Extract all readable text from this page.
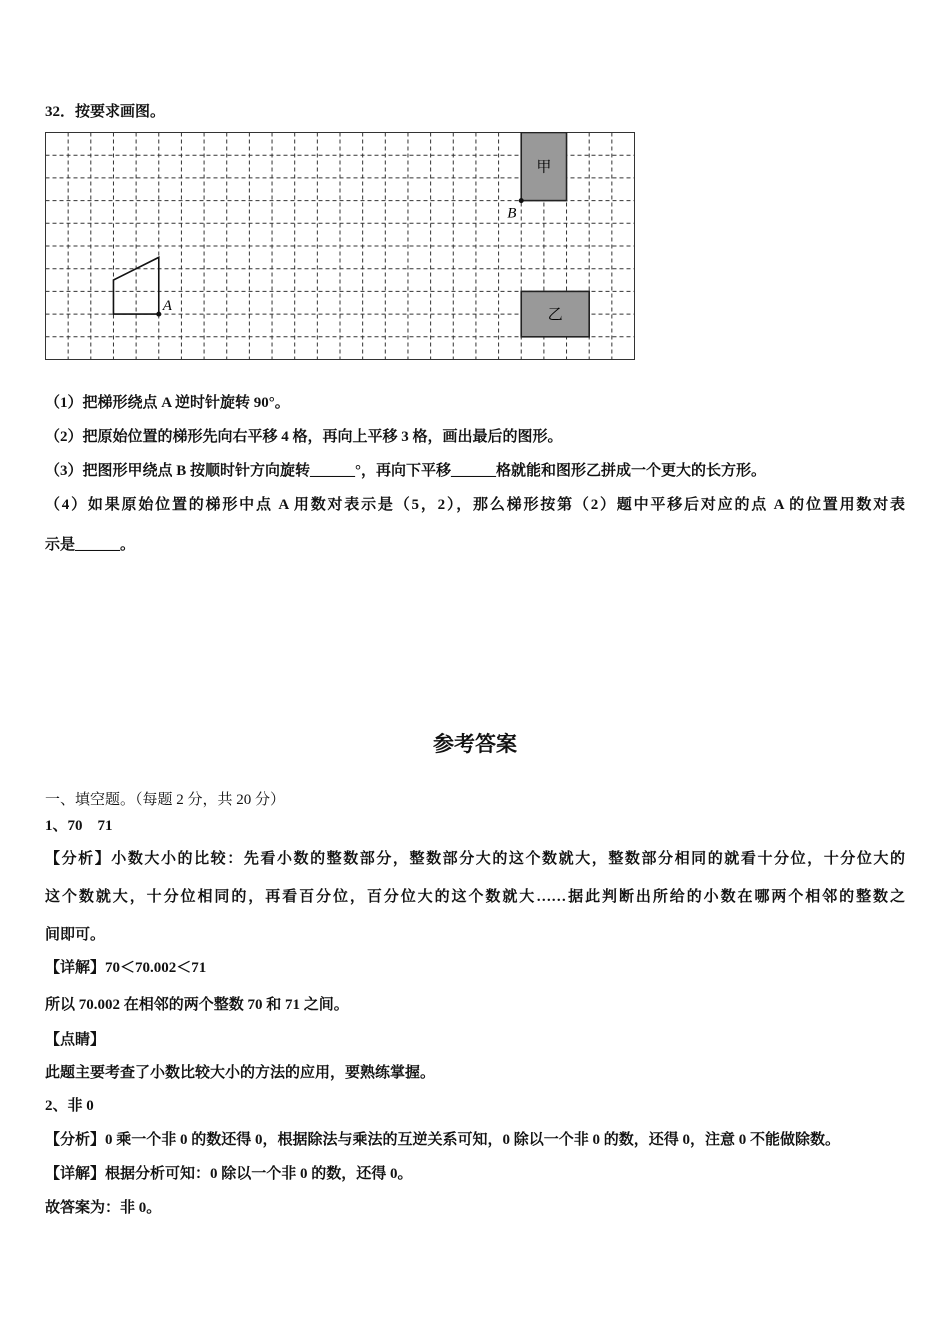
32．按要求画图。
A
甲
B
乙
（1）把梯形绕点 A 逆时针旋转 90°。
（2）把原始位置的梯形先向右平移 4 格，再向上平移 3 格，画出最后的图形。
（3）把图形甲绕点 B 按顺时针方向旋转______°，再向下平移______格就能和图形乙拼成一个更大的长方形。
（4）如果原始位置的梯形中点 A 用数对表示是（5，2），那么梯形按第（2）题中平移后对应的点 A 的位置用数对表
示是______。
参考答案
一、填空题。（每题 2 分，共 20 分）
1、70　71
【分析】小数大小的比较：先看小数的整数部分，整数部分大的这个数就大，整数部分相同的就看十分位，十分位大的
这个数就大，十分位相同的，再看百分位，百分位大的这个数就大……据此判断出所给的小数在哪两个相邻的整数之
间即可。
【详解】70＜70.002＜71
所以 70.002 在相邻的两个整数 70 和 71 之间。
【点睛】
此题主要考查了小数比较大小的方法的应用，要熟练掌握。
2、非 0
【分析】0 乘一个非 0 的数还得 0，根据除法与乘法的互逆关系可知，0 除以一个非 0 的数，还得 0，注意 0 不能做除数。
【详解】根据分析可知：0 除以一个非 0 的数，还得 0。
故答案为：非 0。
